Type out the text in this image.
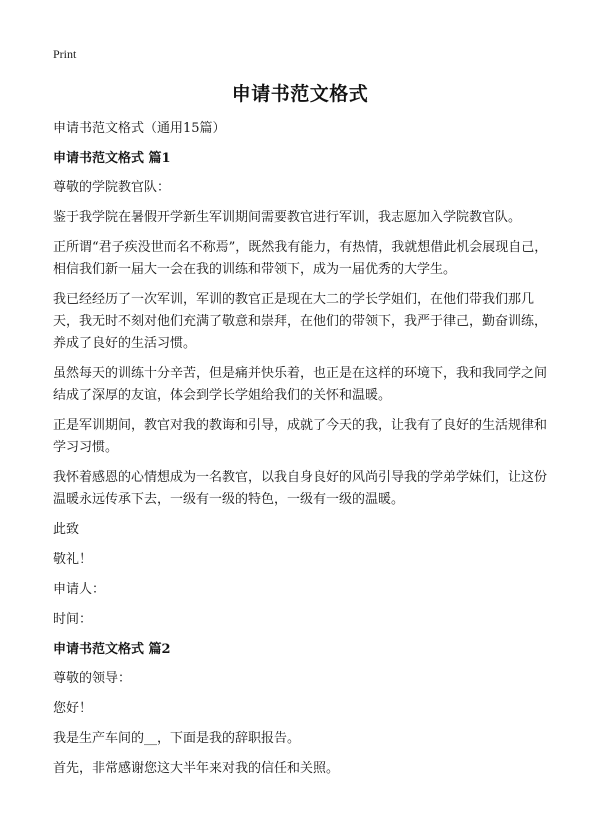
Print
申请书范文格式

申请书范文格式（通用15篇）

申请书范文格式 篇1

尊敬的学院教官队：

鉴于我学院在暑假开学新生军训期间需要教官进行军训，我志愿加入学院教官队。

正所谓“君子疾没世而名不称焉”，既然我有能力，有热情，我就想借此机会展现自己，相信我们新一届大一会在我的训练和带领下，成为一届优秀的大学生。

我已经经历了一次军训，军训的教官正是现在大二的学长学姐们，在他们带我们那几天，我无时不刻对他们充满了敬意和崇拜，在他们的带领下，我严于律己，勤奋训练，养成了良好的生活习惯。

虽然每天的训练十分辛苦，但是痛并快乐着，也正是在这样的环境下，我和我同学之间结成了深厚的友谊，体会到学长学姐给我们的关怀和温暖。

正是军训期间，教官对我的教诲和引导，成就了今天的我，让我有了良好的生活规律和学习习惯。

我怀着感恩的心情想成为一名教官，以我自身良好的风尚引导我的学弟学妹们，让这份温暖永远传承下去，一级有一级的特色，一级有一级的温暖。

此致

敬礼！

申请人：

时间：

申请书范文格式 篇2

尊敬的领导：

您好！

我是生产车间的__，下面是我的辞职报告。

首先，非常感谢您这大半年来对我的信任和关照。
